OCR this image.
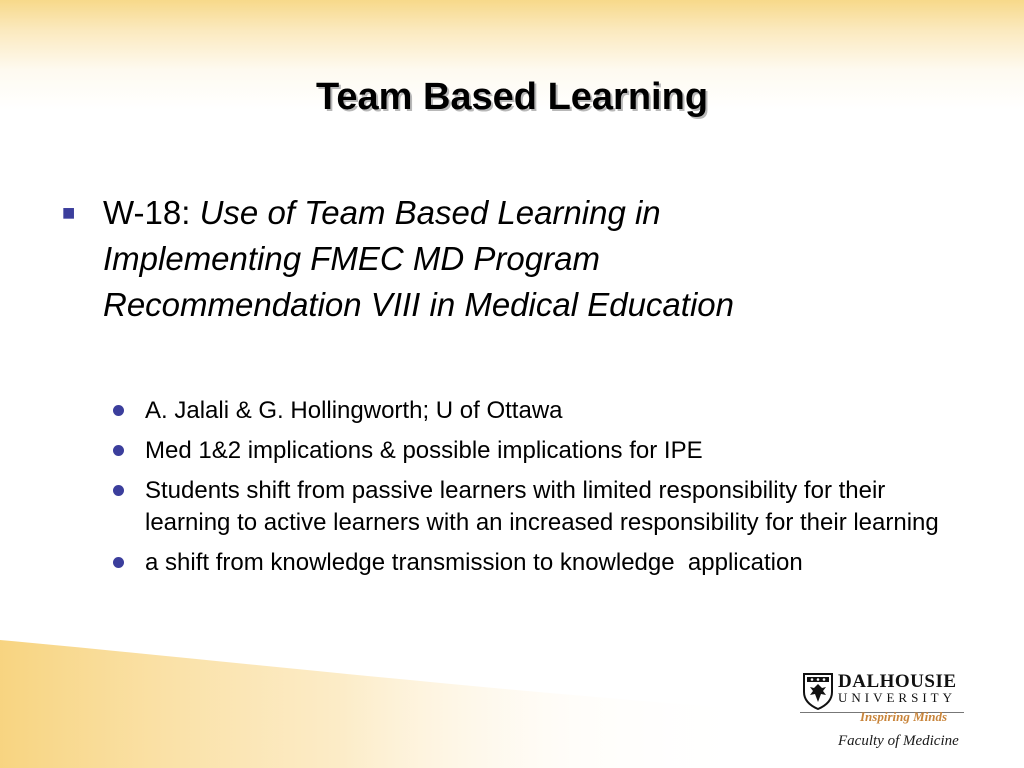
Team Based Learning
■ W-18: Use of Team Based Learning in
Implementing FMEC MD Program
Recommendation VIII in Medical Education
A. Jalali & G. Hollingworth; U of Ottawa
Med 1&2 implications & possible implications for IPE
Students shift from passive learners with limited responsibility for their learning to active learners with an increased responsibility for their learning
a shift from knowledge transmission to knowledge  application
DALHOUSIE
UNIVERSITY
Inspiring Minds
Faculty of Medicine
